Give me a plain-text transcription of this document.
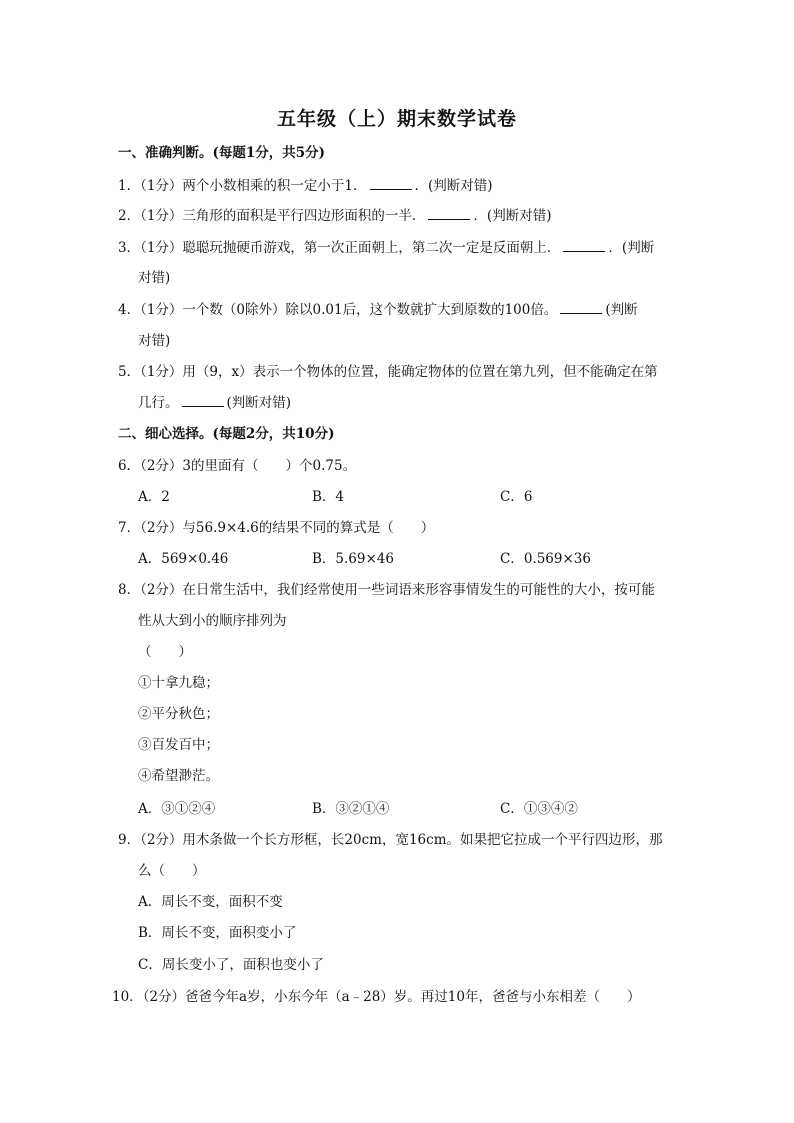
五年级（上）期末数学试卷
一、准确判断。(每题1分，共5分)
1．（1分）两个小数相乘的积一定小于1．	．(判断对错)
2．（1分）三角形的面积是平行四边形面积的一半．	．(判断对错)
3．（1分）聪聪玩抛硬币游戏，第一次正面朝上，第二次一定是反面朝上．	．(判断
对错)
4．（1分）一个数（0除外）除以0.01后，这个数就扩大到原数的100倍。	(判断
对错)
5．（1分）用（9，x）表示一个物体的位置，能确定物体的位置在第九列，但不能确定在第
几行。	(判断对错)
二、细心选择。(每题2分，共10分)
6．（2分）3的里面有（　　）个0.75。
A．2	B．4	C．6
7．（2分）与56.9×4.6的结果不同的算式是（　　）
A．569×0.46	B．5.69×46	C．0.569×36
8．（2分）在日常生活中，我们经常使用一些词语来形容事情发生的可能性的大小，按可能
性从大到小的顺序排列为
（　　）
①十拿九稳；
②平分秋色；
③百发百中；
④希望渺茫。
A．③①②④	B．③②①④	C．①③④②
9．（2分）用木条做一个长方形框，长20cm，宽16cm。如果把它拉成一个平行四边形，那
么（　　）
A．周长不变，面积不变
B．周长不变，面积变小了
C．周长变小了，面积也变小了
10．（2分）爸爸今年a岁，小东今年（a﹣28）岁。再过10年，爸爸与小东相差（　　）
